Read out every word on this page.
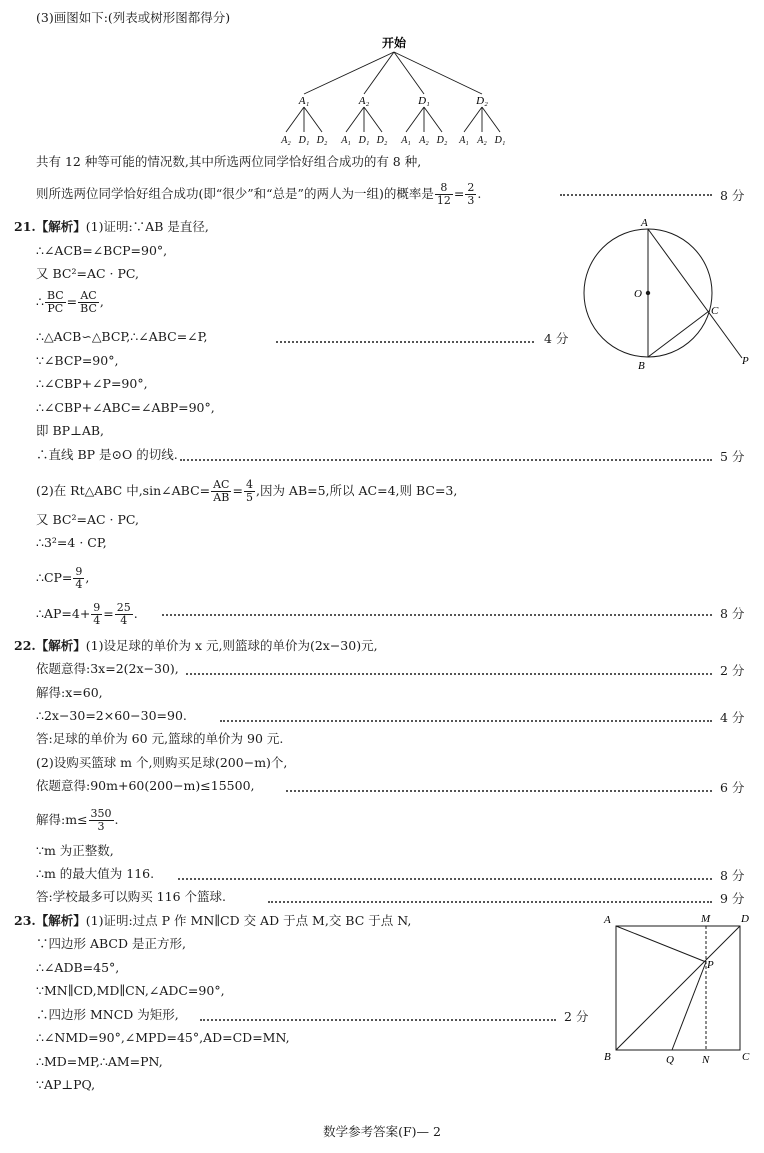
(3)画图如下:(列表或树形图都得分)
开始
A₁	A₂	D₁	D₂
A₂ D₁ D₂ A₁ D₁ D₂ A₁ A₂ D₂ A₁ A₂ D₁
共有 12 种等可能的情况数,其中所选两位同学恰好组合成功的有 8 种,
则所选两位同学恰好组合成功(即“很少”和“总是”的两人为一组)的概率是 $\frac{8}{12} = \frac{2}{3}$ .	8 分
21.【解析】(1)证明:∵AB 是直径,
∴∠ACB=∠BCP=90°,
又 BC²=AC · PC,
∴ $\frac{BC}{PC} = \frac{AC}{BC}$ ,
∴△ACB∽△BCP,∴∠ABC=∠P,	4 分
∵∠BCP=90°,
∴∠CBP+∠P=90°,
∴∠CBP+∠ABC=∠ABP=90°,
即 BP⊥AB,
∴直线 BP 是⊙O 的切线.	5 分
(2)在 Rt△ABC 中,sin∠ABC= $\frac{AC}{AB} = \frac{4}{5}$ ,因为 AB=5,所以 AC=4,则 BC=3,
又 BC²=AC · PC,
∴3²=4 · CP,
∴CP= $\frac{9}{4}$ ,
∴AP=4+ $\frac{9}{4} = \frac{25}{4}$ .	8 分
A
O
C
B	P
22.【解析】(1)设足球的单价为 x 元,则篮球的单价为(2x−30)元,
依题意得:3x=2(2x−30),	2 分
解得:x=60,
∴2x−30=2×60−30=90.	4 分
答:足球的单价为 60 元,篮球的单价为 90 元.
(2)设购买篮球 m 个,则购买足球(200−m)个,
依题意得:90m+60(200−m)≤15500,	6 分
解得:m≤ $\frac{350}{3}$ .
∵m 为正整数,
∴m 的最大值为 116.	8 分
答:学校最多可以购买 116 个篮球.	9 分
23.【解析】(1)证明:过点 P 作 MN∥CD 交 AD 于点 M,交 BC 于点 N,
∵四边形 ABCD 是正方形,
∴∠ADB=45°,
∵MN∥CD,MD∥CN,∠ADC=90°,
∴四边形 MNCD 为矩形,	2 分
∴∠NMD=90°,∠MPD=45°,AD=CD=MN,
∴MD=MP,∴AM=PN,
∵AP⊥PQ,
A	M	D
P
B	Q	N	C
数学参考答案(F)— 2
